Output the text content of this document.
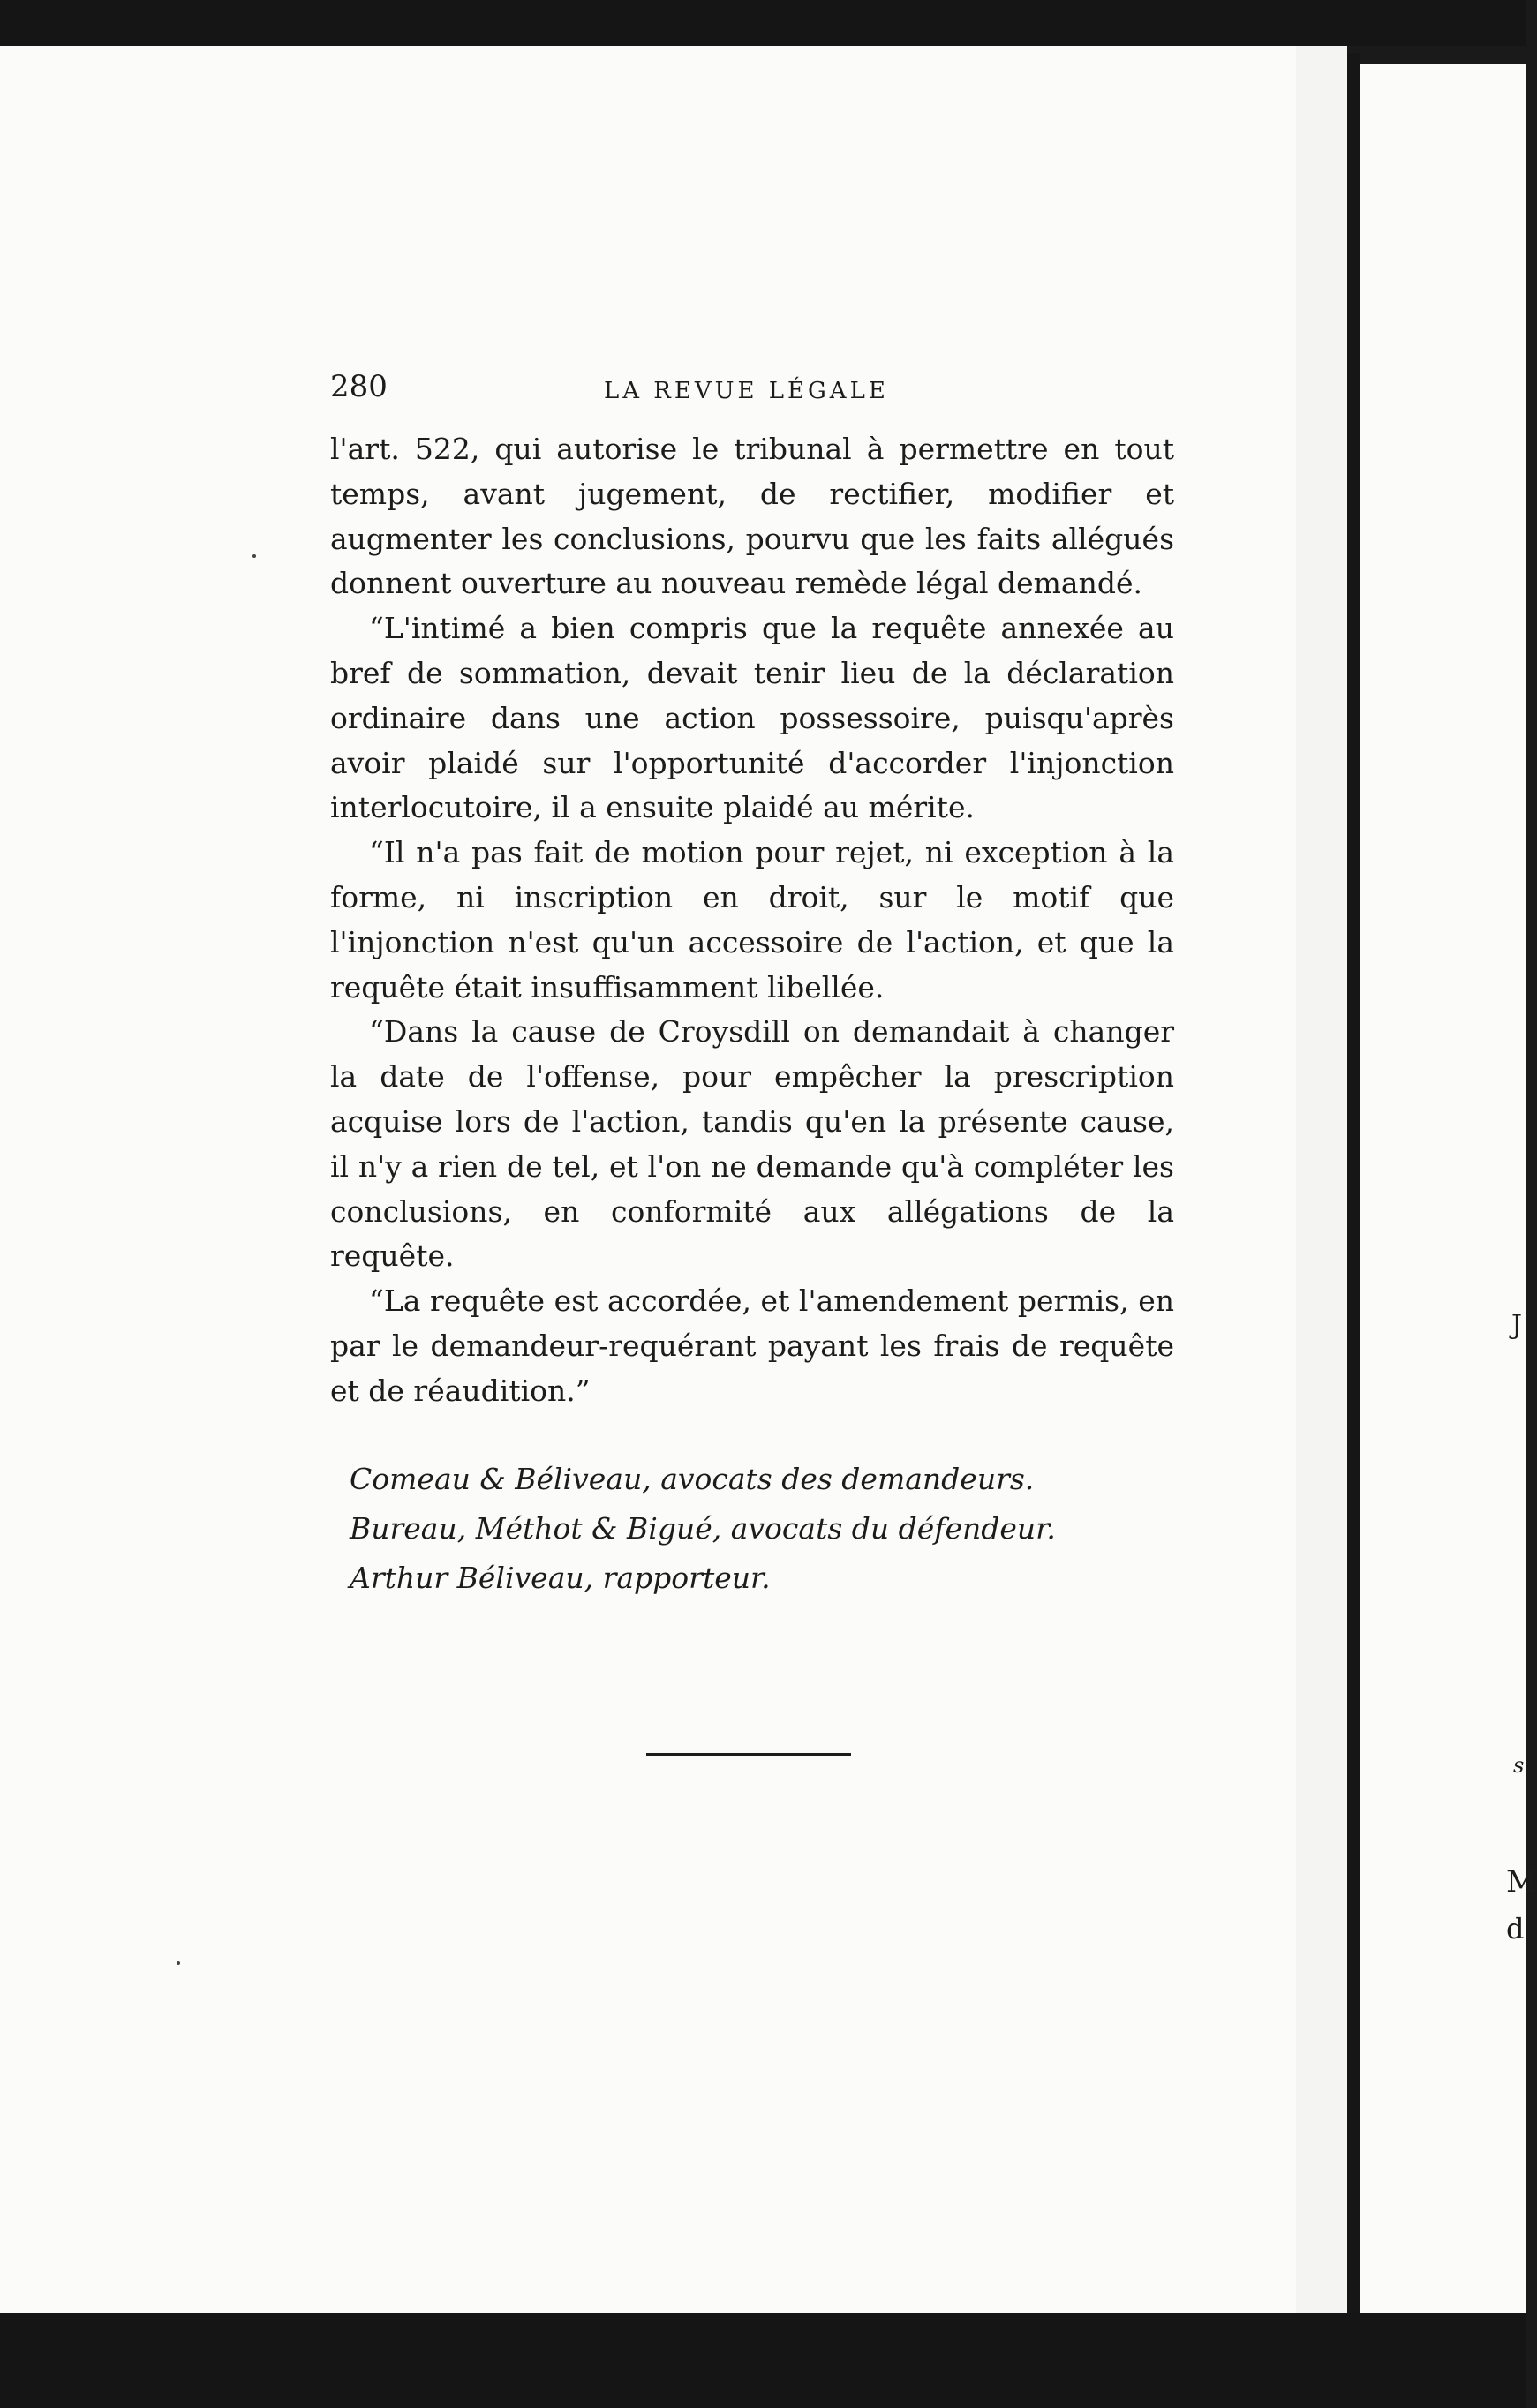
280	LA REVUE LÉGALE

l'art. 522, qui autorise le tribunal à permettre en tout temps, avant jugement, de rectifier, modifier et augmenter les conclusions, pourvu que les faits allégués donnent ouverture au nouveau remède légal demandé.

“L'intimé a bien compris que la requête annexée au bref de sommation, devait tenir lieu de la déclaration ordinaire dans une action possessoire, puisqu'après avoir plaidé sur l'opportunité d'accorder l'injonction interlocutoire, il a ensuite plaidé au mérite.

“Il n'a pas fait de motion pour rejet, ni exception à la forme, ni inscription en droit, sur le motif que l'injonction n'est qu'un accessoire de l'action, et que la requête était insuffisamment libellée.

“Dans la cause de Croysdill on demandait à changer la date de l'offense, pour empêcher la prescription acquise lors de l'action, tandis qu'en la présente cause, il n'y a rien de tel, et l'on ne demande qu'à compléter les conclusions, en conformité aux allégations de la requête.

“La requête est accordée, et l'amendement permis, en par le demandeur-requérant payant les frais de requête et de réaudition.”

Comeau & Béliveau, avocats des demandeurs.
Bureau, Méthot & Bigué, avocats du défendeur.
Arthur Béliveau, rapporteur.
J
s
M
d
